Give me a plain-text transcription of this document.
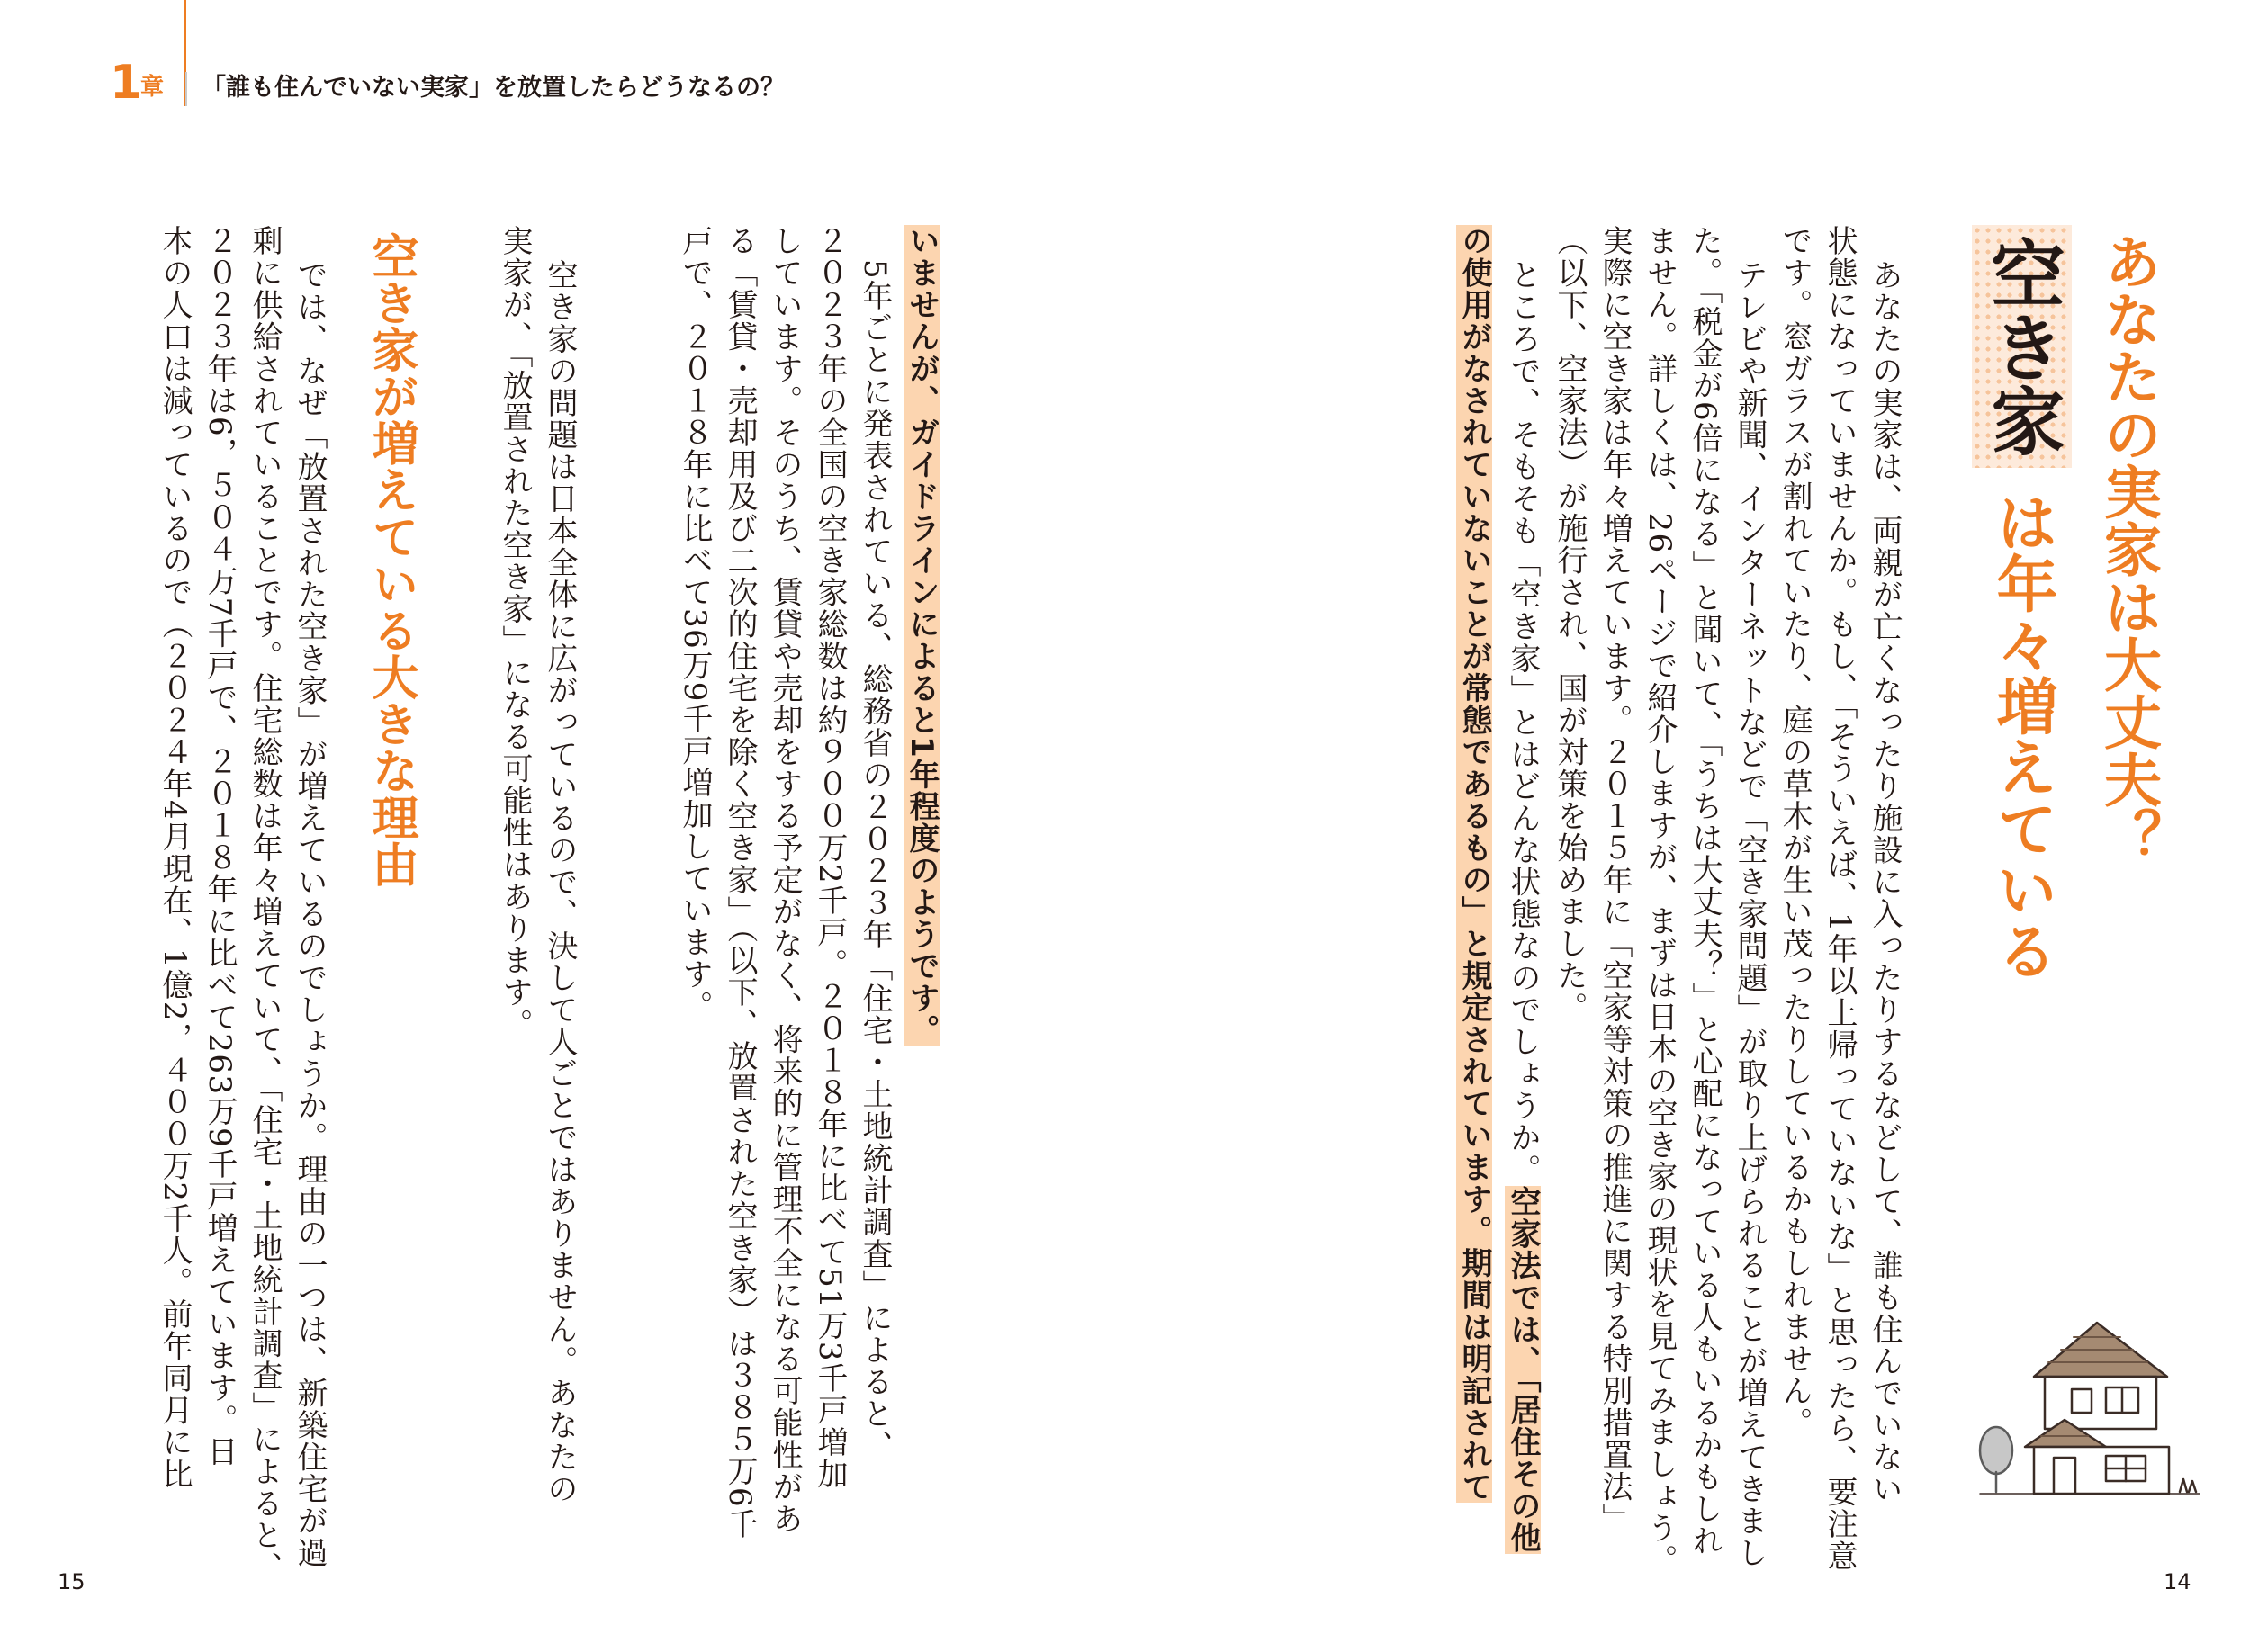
1
章 「誰も住んでいない実家」を放置したらどうなるの？
あなたの実家は大丈夫？
空き家は年々増えている
あなたの実家は、両親が亡くなったり施設に入ったりするなどして、誰も住んでいない
状態になっていませんか。もし、「そういえば、1年以上帰っていないな」と思ったら、要注意
です。窓ガラスが割れていたり、庭の草木が生い茂ったりしているかもしれません。
テレビや新聞、インターネットなどで「空き家問題」が取り上げられることが増えてきまし
た。「税金が6倍になる」と聞いて、「うちは大丈夫？」と心配になっている人もいるかもしれ
ません。詳しくは、26ページで紹介しますが、まずは日本の空き家の現状を見てみましょう。
実際に空き家は年々増えています。２０１５年に「空家等対策の推進に関する特別措置法」
（以下、空家法）が施行され、国が対策を始めました。
ところで、そもそも「空き家」とはどんな状態なのでしょうか。空家法では、「居住その他
の使用がなされていないことが常態であるもの」と規定されています。期間は明記されて
14
いませんが、ガイドラインによると1年程度のようです。
5年ごとに発表されている、総務省の２０２３年「住宅・土地統計調査」によると、
２０２３年の全国の空き家総数は約９００万2千戸。２０１８年に比べて51万3千戸増加
しています。そのうち、賃貸や売却をする予定がなく、将来的に管理不全になる可能性があ
る「賃貸・売却用及び二次的住宅を除く空き家」（以下、放置された空き家）は３８５万6千
戸で、２０１８年に比べて36万9千戸増加しています。
空き家の問題は日本全体に広がっているので、決して人ごとではありません。あなたの
実家が、「放置された空き家」になる可能性はあります。
空き家が増えている大きな理由
では、なぜ「放置された空き家」が増えているのでしょうか。理由の一つは、新築住宅が過
剰に供給されていることです。住宅総数は年々増えていて、「住宅・土地統計調査」によると、
２０２３年は6，５０４万7千戸で、２０１８年に比べて263万9千戸増えています。日
本の人口は減っているので（２０２４年4月現在、1億2，４００万2千人。前年同月に比
15
